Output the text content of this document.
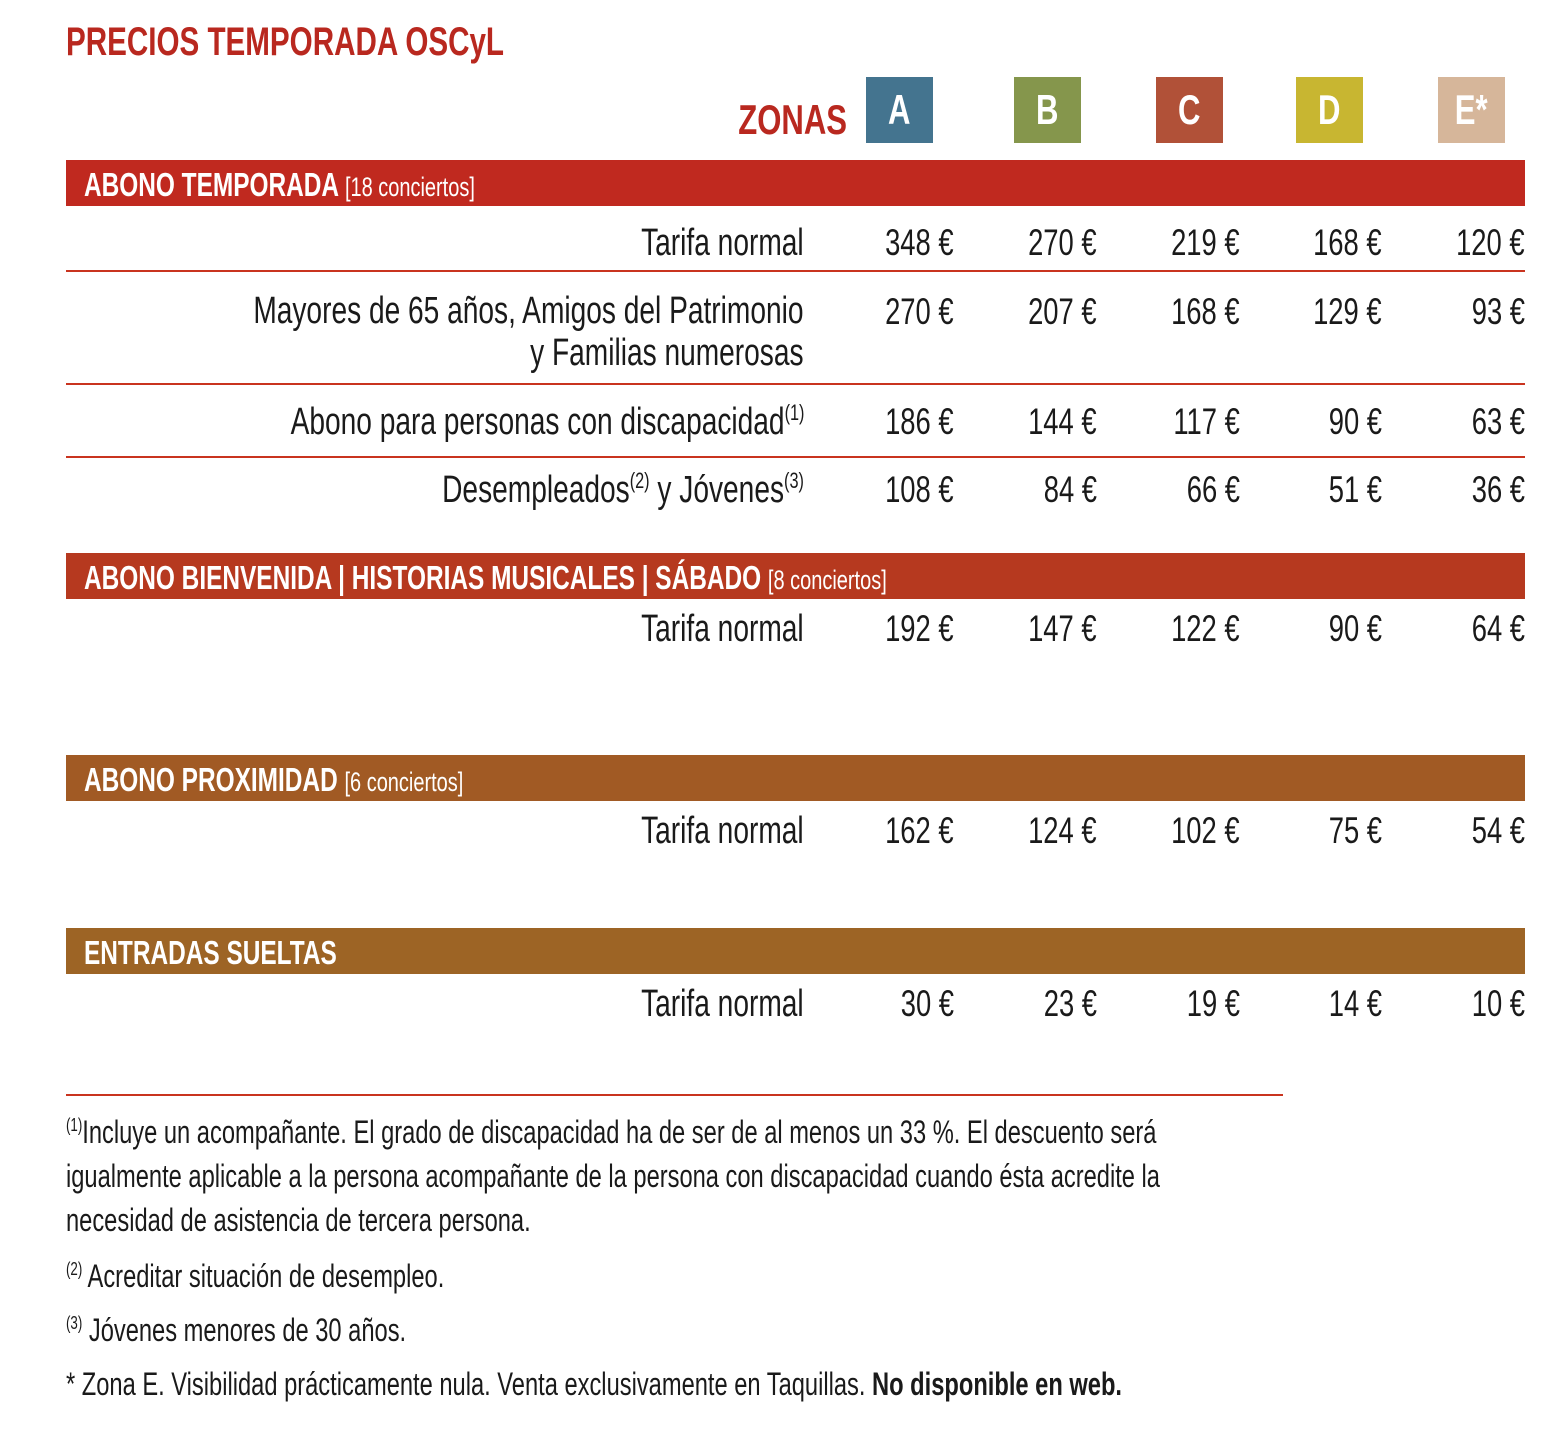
PRECIOS TEMPORADA OSCyL
ZONAS A	B	C	D	E*
ABONO TEMPORADA [18 conciertos]
Tarifa normal	348 €	270 €	219 €	168 €	120 €
Mayores de 65 años, Amigos del Patrimonio
y Familias numerosas
270 €	207 €	168 €	129 €	93 €
Abono para personas con discapacidad$^{(1)}$	186 €	144 €	117 €	90 €	63 €
Desempleados$^{(2)}$ y Jóvenes$^{(3)}$	108 €	84 €	66 €	51 €	36 €
ABONO BIENVENIDA | HISTORIAS MUSICALES | SÁBADO [8 conciertos]
Tarifa normal	192 €	147 €	122 €	90 €	64 €
ABONO PROXIMIDAD [6 conciertos]
Tarifa normal	162 €	124 €	102 €	75 €	54 €
ENTRADAS SUELTAS
Tarifa normal	30 €	23 €	19 €	14 €	10 €
$^{(1)}$Incluye un acompañante. El grado de discapacidad ha de ser de al menos un 33 %. El descuento será igualmente aplicable a la persona acompañante de la persona con discapacidad cuando ésta acredite la necesidad de asistencia de tercera persona.
$^{(2)}$ Acreditar situación de desempleo.
$^{(3)}$ Jóvenes menores de 30 años.
* Zona E. Visibilidad prácticamente nula. Venta exclusivamente en Taquillas. No disponible en web.
